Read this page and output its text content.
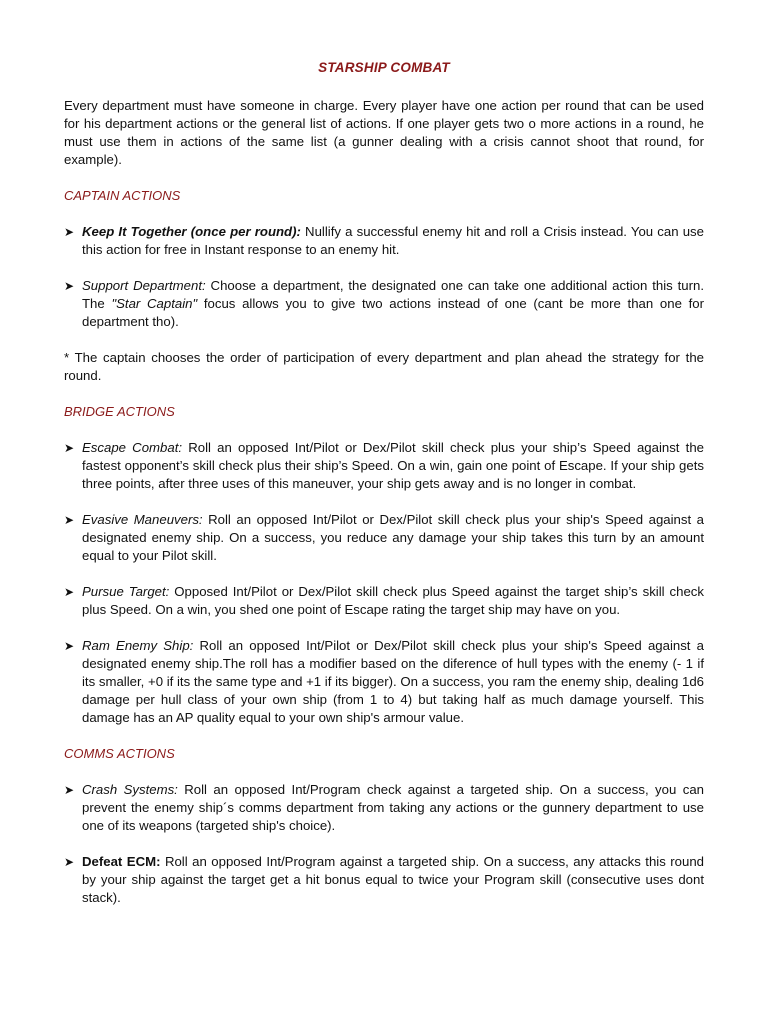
STARSHIP COMBAT

Every department must have someone in charge. Every player have one action per round that can be used for his department actions or the general list of actions. If one player gets two o more actions in a round, he must use them in actions of the same list (a gunner dealing with a crisis cannot shoot that round, for example).

CAPTAIN ACTIONS

➤ Keep It Together (once per round): Nullify a successful enemy hit and roll a Crisis instead. You can use this action for free in Instant response to an enemy hit.
➤ Support Department: Choose a department, the designated one can take one additional action this turn. The "Star Captain" focus allows you to give two actions instead of one (cant be more than one for department tho).

* The captain chooses the order of participation of every department and plan ahead the strategy for the round.

BRIDGE ACTIONS

➤ Escape Combat: Roll an opposed Int/Pilot or Dex/Pilot skill check plus your ship’s Speed against the fastest opponent’s skill check plus their ship’s Speed. On a win, gain one point of Escape. If your ship gets three points, after three uses of this maneuver, your ship gets away and is no longer in combat.
➤ Evasive Maneuvers: Roll an opposed Int/Pilot or Dex/Pilot skill check plus your ship's Speed against a designated enemy ship. On a success, you reduce any damage your ship takes this turn by an amount equal to your Pilot skill.
➤ Pursue Target: Opposed Int/Pilot or Dex/Pilot skill check plus Speed against the target ship’s skill check plus Speed. On a win, you shed one point of Escape rating the target ship may have on you.
➤ Ram Enemy Ship: Roll an opposed Int/Pilot or Dex/Pilot skill check plus your ship's Speed against a designated enemy ship.The roll has a modifier based on the diference of hull types with the enemy (- 1 if its smaller, +0 if its the same type and +1 if its bigger). On a success, you ram the enemy ship, dealing 1d6 damage per hull class of your own ship (from 1 to 4) but taking half as much damage yourself. This damage has an AP quality equal to your own ship's armour value.

COMMS ACTIONS

➤ Crash Systems: Roll an opposed Int/Program check against a targeted ship. On a success, you can prevent the enemy ship´s comms department from taking any actions or the gunnery department to use one of its weapons (targeted ship's choice).
➤ Defeat ECM: Roll an opposed Int/Program against a targeted ship. On a success, any attacks this round by your ship against the target get a hit bonus equal to twice your Program skill (consecutive uses dont stack).
